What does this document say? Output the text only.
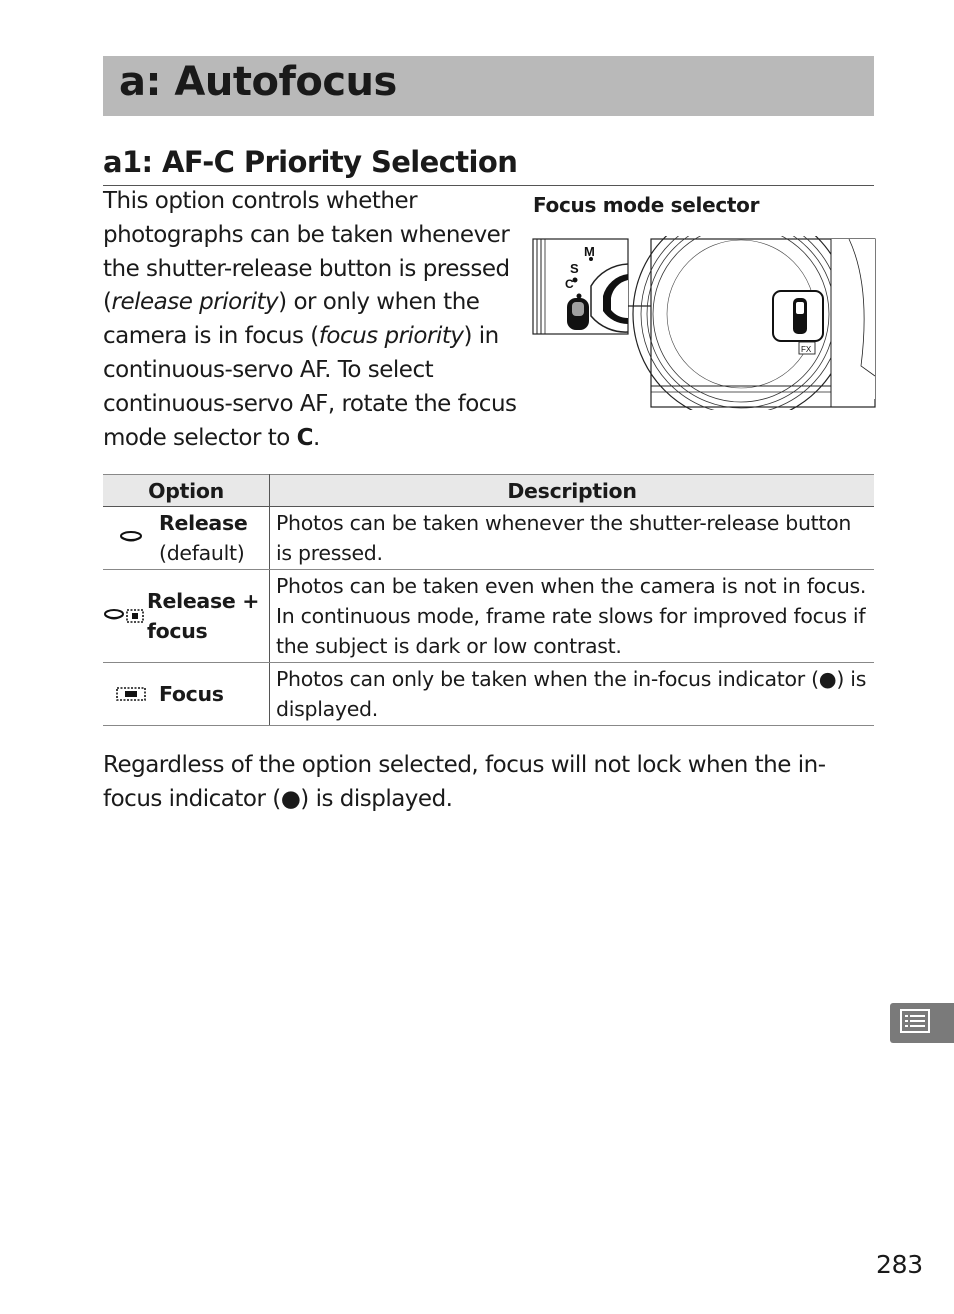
a: Autofocus
a1: AF-C Priority Selection

This option controls whether photographs can be taken whenever the shutter-release button is pressed (release priority) or only when the camera is in focus (focus priority) in continuous-servo AF. To select continuous-servo AF, rotate the focus mode selector to C.

Focus mode selector

M
S
C
FX
Option	Description

Release
(default)	Photos can be taken whenever the shutter-release button is pressed.

Release + focus	Photos can be taken even when the camera is not in focus. In continuous mode, frame rate slows for improved focus if the subject is dark or low contrast.

Focus	Photos can only be taken when the in-focus indicator (●) is displayed.

Regardless of the option selected, focus will not lock when the in-focus indicator (●) is displayed.

283
